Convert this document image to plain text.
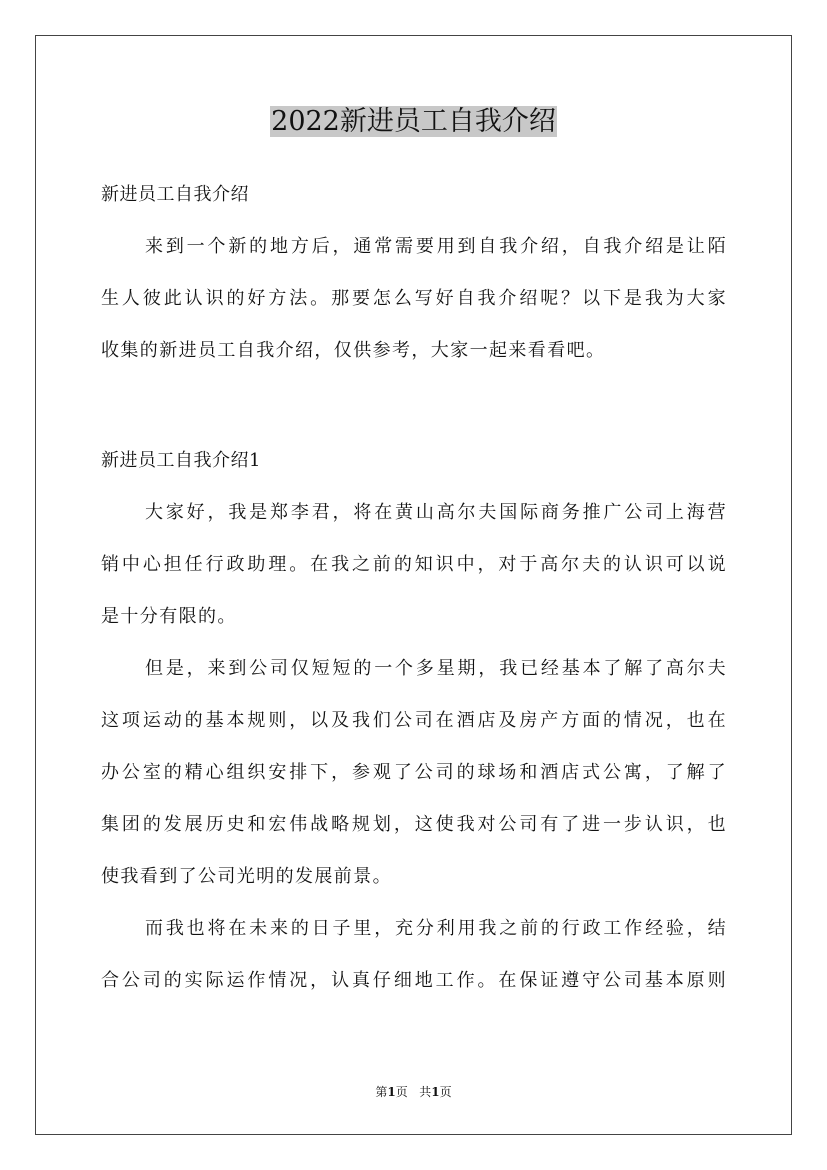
2022新进员工自我介绍

新进员工自我介绍

来到一个新的地方后，通常需要用到自我介绍，自我介绍是让陌

生人彼此认识的好方法。那要怎么写好自我介绍呢？以下是我为大家

收集的新进员工自我介绍，仅供参考，大家一起来看看吧。

新进员工自我介绍1

大家好，我是郑李君，将在黄山高尔夫国际商务推广公司上海营

销中心担任行政助理。在我之前的知识中，对于高尔夫的认识可以说

是十分有限的。

但是，来到公司仅短短的一个多星期，我已经基本了解了高尔夫

这项运动的基本规则，以及我们公司在酒店及房产方面的情况，也在

办公室的精心组织安排下，参观了公司的球场和酒店式公寓，了解了

集团的发展历史和宏伟战略规划，这使我对公司有了进一步认识，也

使我看到了公司光明的发展前景。

而我也将在未来的日子里，充分利用我之前的行政工作经验，结

合公司的实际运作情况，认真仔细地工作。在保证遵守公司基本原则

第1页 共1页
